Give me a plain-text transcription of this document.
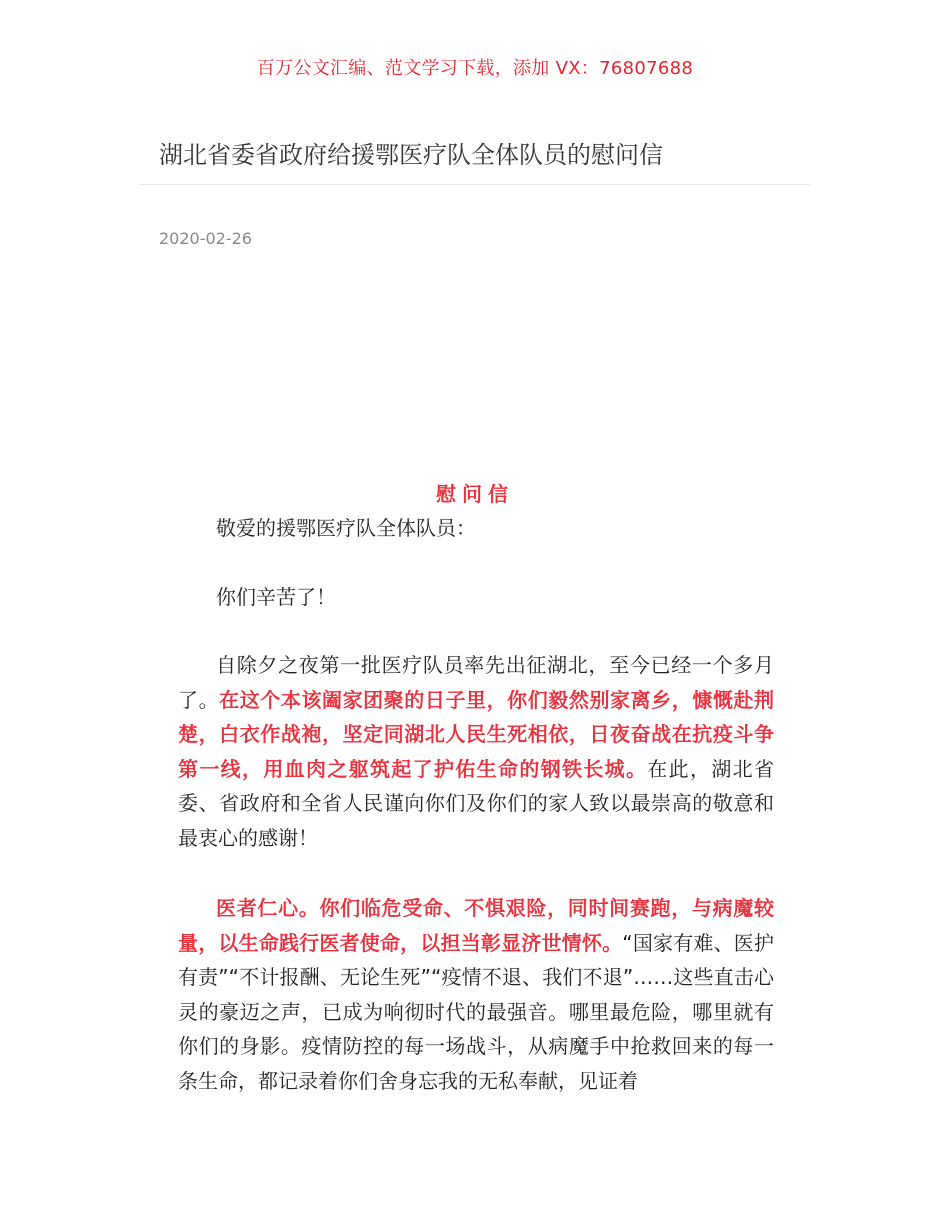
百万公文汇编、范文学习下载，添加 VX：76807688
湖北省委省政府给援鄂医疗队全体队员的慰问信
2020-02-26
慰问信

敬爱的援鄂医疗队全体队员：

你们辛苦了！

自除夕之夜第一批医疗队员率先出征湖北，至今已经一个多月了。在这个本该阖家团聚的日子里，你们毅然别家离乡，慷慨赴荆楚，白衣作战袍，坚定同湖北人民生死相依，日夜奋战在抗疫斗争第一线，用血肉之躯筑起了护佑生命的钢铁长城。在此，湖北省委、省政府和全省人民谨向你们及你们的家人致以最崇高的敬意和最衷心的感谢！

医者仁心。你们临危受命、不惧艰险，同时间赛跑，与病魔较量，以生命践行医者使命，以担当彰显济世情怀。“国家有难、医护有责”“不计报酬、无论生死”“疫情不退、我们不退”……这些直击心灵的豪迈之声，已成为响彻时代的最强音。哪里最危险，哪里就有你们的身影。疫情防控的每一场战斗，从病魔手中抢救回来的每一条生命，都记录着你们舍身忘我的无私奉献，见证着
